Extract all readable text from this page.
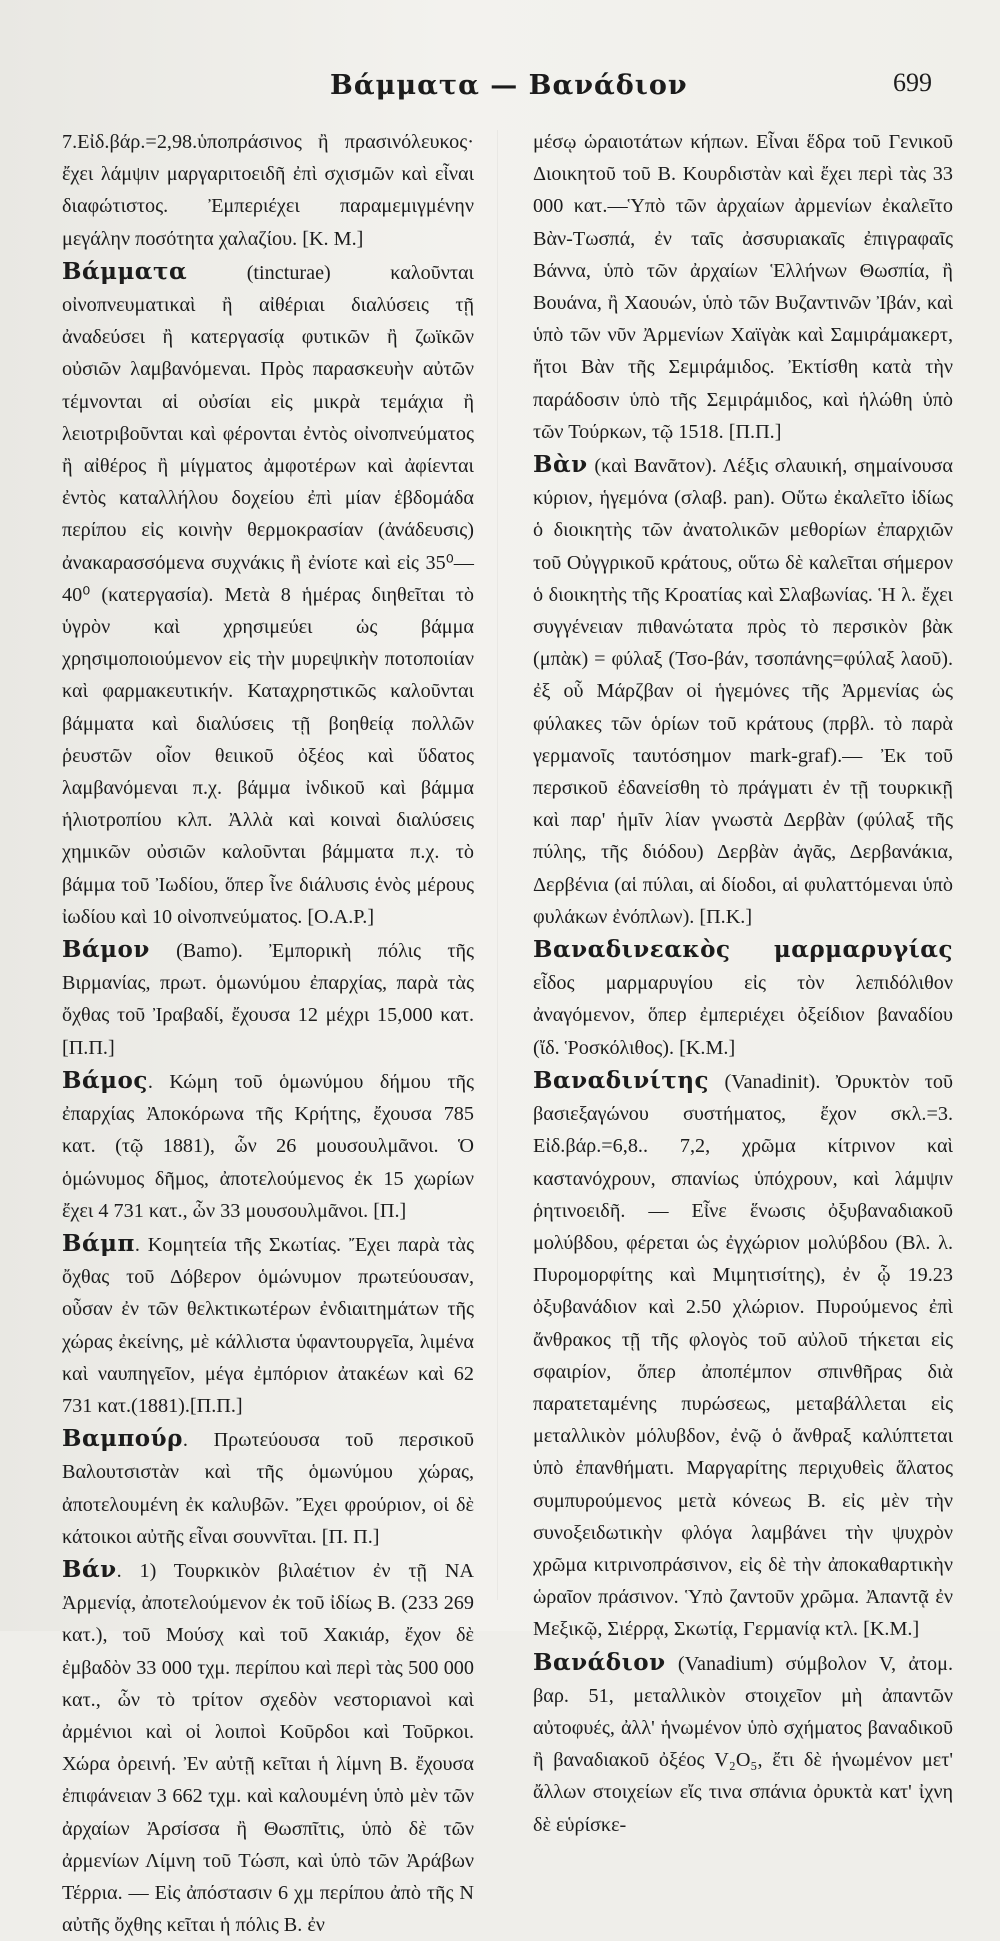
Βάμματα — Βανάδιον	699

7.Εἰδ.βάρ.=2,98.ὑποπράσινος ἢ πρασινόλευκος· ἔχει λάμψιν μαργαριτοειδῆ ἐπὶ σχισμῶν καὶ εἶναι διαφώτιστος. Ἐμπεριέχει παραμεμιγμένην μεγάλην ποσότητα χαλαζίου. [Κ. Μ.]

Βάμματα (tincturae) καλοῦνται οἰνοπνευματικαὶ ἢ αἰθέριαι διαλύσεις τῇ ἀναδεύσει ἢ κατεργασίᾳ φυτικῶν ἢ ζωϊκῶν οὐσιῶν λαμβανόμεναι. Πρὸς παρασκευὴν αὐτῶν τέμνονται αἱ οὐσίαι εἰς μικρὰ τεμάχια ἢ λειοτριβοῦνται καὶ φέρονται ἐντὸς οἰνοπνεύματος ἢ αἰθέρος ἢ μίγματος ἀμφοτέρων καὶ ἀφίενται ἐντὸς καταλλήλου δοχείου ἐπὶ μίαν ἑβδομάδα περίπου εἰς κοινὴν θερμοκρασίαν (ἀνάδευσις) ἀνακαρασσόμενα συχνάκις ἢ ἐνίοτε καὶ εἰς 35⁰—40⁰ (κατεργασία). Μετὰ 8 ἡμέρας διηθεῖται τὸ ὑγρὸν καὶ χρησιμεύει ὡς βάμμα χρησιμοποιούμενον εἰς τὴν μυρεψικὴν ποτοποιίαν καὶ φαρμακευτικήν. Καταχρηστικῶς καλοῦνται βάμματα καὶ διαλύσεις τῇ βοηθείᾳ πολλῶν ῥευστῶν οἷον θειικοῦ ὀξέος καὶ ὕδατος λαμβανόμεναι π.χ. βάμμα ἰνδικοῦ καὶ βάμμα ἡλιοτροπίου κλπ. Ἀλλὰ καὶ κοιναὶ διαλύσεις χημικῶν οὐσιῶν καλοῦνται βάμματα π.χ. τὸ βάμμα τοῦ Ἰωδίου, ὅπερ ἶνε διάλυσις ἑνὸς μέρους ἰωδίου καὶ 10 οἰνοπνεύματος. [Ο.Α.Ρ.]

Βάμον (Bamo). Ἐμπορικὴ πόλις τῆς Βιρμανίας, πρωτ. ὁμωνύμου ἐπαρχίας, παρὰ τὰς ὄχθας τοῦ Ἰραβαδί, ἔχουσα 12 μέχρι 15,000 κατ. [Π.Π.]

Βάμος. Κώμη τοῦ ὁμωνύμου δήμου τῆς ἐπαρχίας Ἀποκόρωνα τῆς Κρήτης, ἔχουσα 785 κατ. (τῷ 1881), ὧν 26 μουσουλμᾶνοι. Ὁ ὁμώνυμος δῆμος, ἀποτελούμενος ἐκ 15 χωρίων ἔχει 4 731 κατ., ὧν 33 μουσουλμᾶνοι. [Π.]

Βάμπ. Κομητεία τῆς Σκωτίας. Ἔχει παρὰ τὰς ὄχθας τοῦ Δόβερον ὁμώνυμον πρωτεύουσαν, οὖσαν ἐν τῶν θελκτικωτέρων ἐνδιαιτημάτων τῆς χώρας ἐκείνης, μὲ κάλλιστα ὑφαντουργεῖα, λιμένα καὶ ναυπηγεῖον, μέγα ἐμπόριον ἀτακέων καὶ 62 731 κατ.(1881).[Π.Π.]

Βαμπούρ. Πρωτεύουσα τοῦ περσικοῦ Βαλουτσιστὰν καὶ τῆς ὁμωνύμου χώρας, ἀποτελουμένη ἐκ καλυβῶν. Ἔχει φρούριον, οἱ δὲ κάτοικοι αὐτῆς εἶναι σουννῖται. [Π. Π.]

Βάν. 1) Τουρκικὸν βιλαέτιον ἐν τῇ ΝΑ Ἀρμενίᾳ, ἀποτελούμενον ἐκ τοῦ ἰδίως Β. (233 269 κατ.), τοῦ Μούσχ καὶ τοῦ Χακιάρ, ἔχον δὲ ἐμβαδὸν 33 000 τχμ. περίπου καὶ περὶ τὰς 500 000 κατ., ὧν τὸ τρίτον σχεδὸν νεστοριανοὶ καὶ ἀρμένιοι καὶ οἱ λοιποὶ Κοῦρδοι καὶ Τοῦρκοι. Χώρα ὀρεινή. Ἐν αὐτῇ κεῖται ἡ λίμνη Β. ἔχουσα ἐπιφάνειαν 3 662 τχμ. καὶ καλουμένη ὑπὸ μὲν τῶν ἀρχαίων Ἀρσίσσα ἢ Θωσπῖτις, ὑπὸ δὲ τῶν ἀρμενίων Λίμνη τοῦ Τώσπ, καὶ ὑπὸ τῶν Ἀράβων Τέρρια. — Εἰς ἀπόστασιν 6 χμ περίπου ἀπὸ τῆς Ν αὐτῆς ὄχθης κεῖται ἡ πόλις Β. ἐν

μέσῳ ὡραιοτάτων κήπων. Εἶναι ἕδρα τοῦ Γενικοῦ Διοικητοῦ τοῦ Β. Κουρδιστὰν καὶ ἔχει περὶ τὰς 33 000 κατ.—Ὑπὸ τῶν ἀρχαίων ἀρμενίων ἐκαλεῖτο Βὰν-Τωσπά, ἐν ταῖς ἀσσυριακαῖς ἐπιγραφαῖς Βάννα, ὑπὸ τῶν ἀρχαίων Ἑλλήνων Θωσπία, ἢ Βουάνα, ἢ Χαουών, ὑπὸ τῶν Βυζαντινῶν Ἰβάν, καὶ ὑπὸ τῶν νῦν Ἀρμενίων Χαϊγὰκ καὶ Σαμιράμακερτ, ἤτοι Βὰν τῆς Σεμιράμιδος. Ἐκτίσθη κατὰ τὴν παράδοσιν ὑπὸ τῆς Σεμιράμιδος, καὶ ἡλώθη ὑπὸ τῶν Τούρκων, τῷ 1518. [Π.Π.]

Βὰν (καὶ Βανᾶτον). Λέξις σλαυική, σημαίνουσα κύριον, ἡγεμόνα (σλαβ. pan). Οὕτω ἐκαλεῖτο ἰδίως ὁ διοικητὴς τῶν ἀνατολικῶν μεθορίων ἐπαρχιῶν τοῦ Οὐγγρικοῦ κράτους, οὕτω δὲ καλεῖται σήμερον ὁ διοικητὴς τῆς Κροατίας καὶ Σλαβωνίας. Ἡ λ. ἔχει συγγένειαν πιθανώτατα πρὸς τὸ περσικὸν βὰκ (μπὰκ) = φύλαξ (Τσο-βάν, τσοπάνης=φύλαξ λαοῦ). ἐξ οὗ Μάρζβαν οἱ ἡγεμόνες τῆς Ἀρμενίας ὡς φύλακες τῶν ὁρίων τοῦ κράτους (πρβλ. τὸ παρὰ γερμανοῖς ταυτόσημον mark-graf).— Ἐκ τοῦ περσικοῦ ἐδανείσθη τὸ πράγματι ἐν τῇ τουρκικῇ καὶ παρ' ἡμῖν λίαν γνωστὰ Δερβὰν (φύλαξ τῆς πύλης, τῆς διόδου) Δερβὰν ἀγᾶς, Δερβανάκια, Δερβένια (αἱ πύλαι, αἱ δίοδοι, αἱ φυλαττόμεναι ὑπὸ φυλάκων ἐνόπλων). [Π.Κ.]

Βαναδινεακὸς μαρμαρυγίας εἶδος μαρμαρυγίου εἰς τὸν λεπιδόλιθον ἀναγόμενον, ὅπερ ἐμπεριέχει ὀξείδιον βαναδίου (ἴδ. Ῥοσκόλιθος). [Κ.Μ.]

Βαναδινίτης (Vanadinit). Ὀρυκτὸν τοῦ βασιεξαγώνου συστήματος, ἔχον σκλ.=3. Εἰδ.βάρ.=6,8.. 7,2, χρῶμα κίτρινον καὶ καστανόχρουν, σπανίως ὑπόχρουν, καὶ λάμψιν ῥητινοειδῆ. — Εἶνε ἕνωσις ὀξυβαναδιακοῦ μολύβδου, φέρεται ὡς ἐγχώριον μολύβδου (Βλ. λ. Πυρομορφίτης καὶ Μιμητισίτης), ἐν ᾧ 19.23 ὀξυβανάδιον καὶ 2.50 χλώριον. Πυρούμενος ἐπὶ ἄνθρακος τῇ τῆς φλογὸς τοῦ αὐλοῦ τήκεται εἰς σφαιρίον, ὅπερ ἀποπέμπον σπινθῆρας διὰ παρατεταμένης πυρώσεως, μεταβάλλεται εἰς μεταλλικὸν μόλυβδον, ἐνῷ ὁ ἄνθραξ καλύπτεται ὑπὸ ἐπανθήματι. Μαργαρίτης περιχυθεὶς ἅλατος συμπυρούμενος μετὰ κόνεως Β. εἰς μὲν τὴν συνοξειδωτικὴν φλόγα λαμβάνει τὴν ψυχρὸν χρῶμα κιτρινοπράσινον, εἰς δὲ τὴν ἀποκαθαρτικὴν ὡραῖον πράσινον. Ὑπὸ ζαντοῦν χρῶμα. Ἀπαντᾷ ἐν Μεξικῷ, Σιέρρᾳ, Σκωτίᾳ, Γερμανίᾳ κτλ. [Κ.Μ.]

Βανάδιον (Vanadium) σύμβολον V, ἀτομ. βαρ. 51, μεταλλικὸν στοιχεῖον μὴ ἀπαντῶν αὐτοφυές, ἀλλ' ἡνωμένον ὑπὸ σχήματος βαναδικοῦ ἢ βαναδιακοῦ ὀξέος V₂O₅, ἔτι δὲ ἡνωμένον μετ' ἄλλων στοιχείων εἴς τινα σπάνια ὀρυκτὰ κατ' ἰχνη δὲ εὑρίσκε-
